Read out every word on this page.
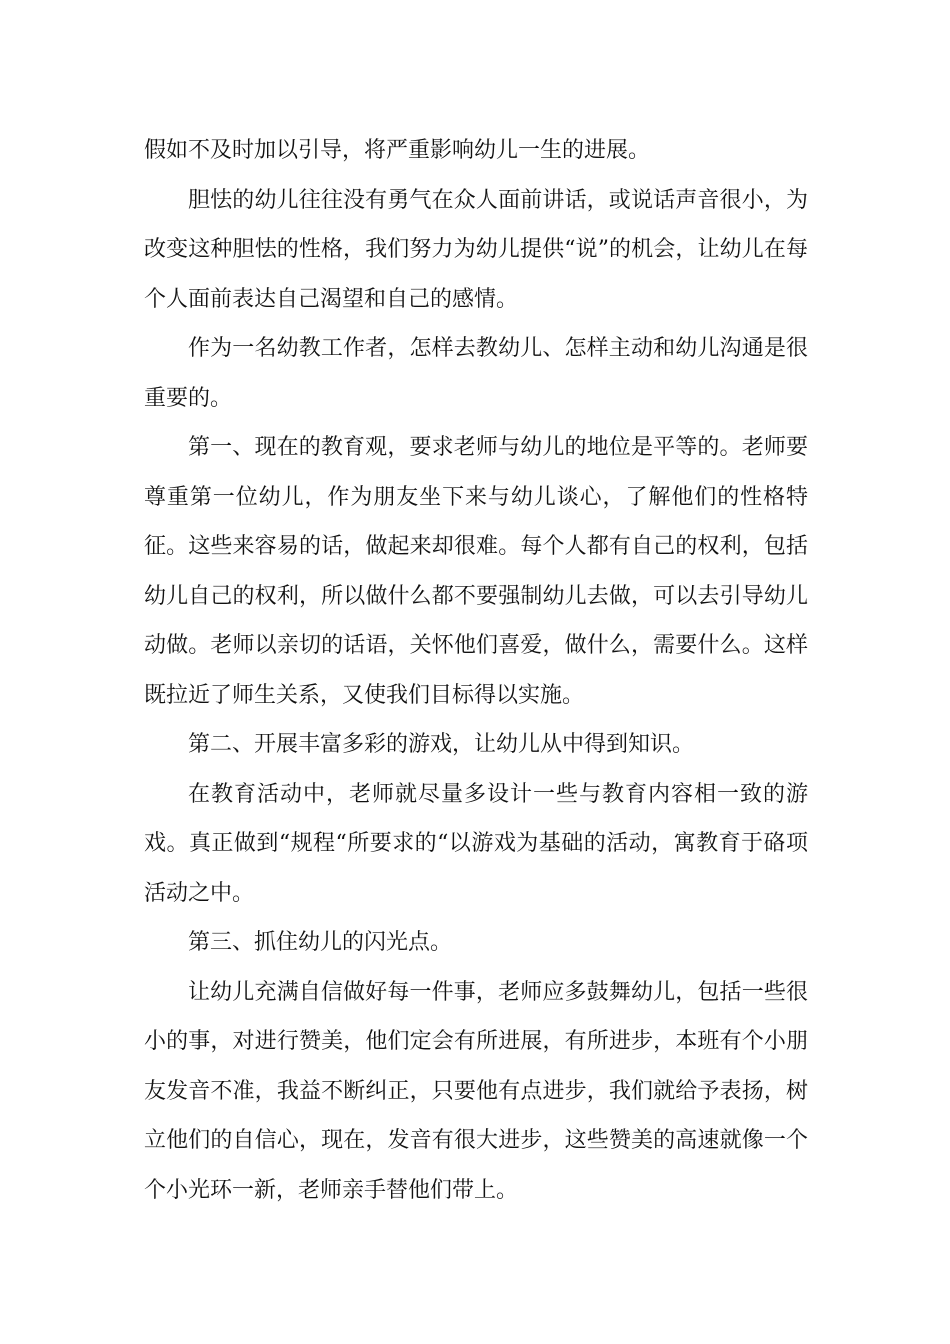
假如不及时加以引导，将严重影响幼儿一生的进展。

胆怯的幼儿往往没有勇气在众人面前讲话，或说话声音很小，为改变这种胆怯的性格，我们努力为幼儿提供“说”的机会，让幼儿在每个人面前表达自己渴望和自己的感情。

作为一名幼教工作者，怎样去教幼儿、怎样主动和幼儿沟通是很重要的。

第一、现在的教育观，要求老师与幼儿的地位是平等的。老师要尊重第一位幼儿，作为朋友坐下来与幼儿谈心，了解他们的性格特征。这些来容易的话，做起来却很难。每个人都有自己的权利，包括幼儿自己的权利，所以做什么都不要强制幼儿去做，可以去引导幼儿动做。老师以亲切的话语，关怀他们喜爱，做什么，需要什么。这样既拉近了师生关系，又使我们目标得以实施。

第二、开展丰富多彩的游戏，让幼儿从中得到知识。

在教育活动中，老师就尽量多设计一些与教育内容相一致的游戏。真正做到“规程“所要求的“以游戏为基础的活动，寓教育于硌项活动之中。

第三、抓住幼儿的闪光点。

让幼儿充满自信做好每一件事，老师应多鼓舞幼儿，包括一些很小的事，对进行赞美，他们定会有所进展，有所进步，本班有个小朋友发音不准，我益不断纠正，只要他有点进步，我们就给予表扬，树立他们的自信心，现在，发音有很大进步，这些赞美的高速就像一个个小光环一新，老师亲手替他们带上。
